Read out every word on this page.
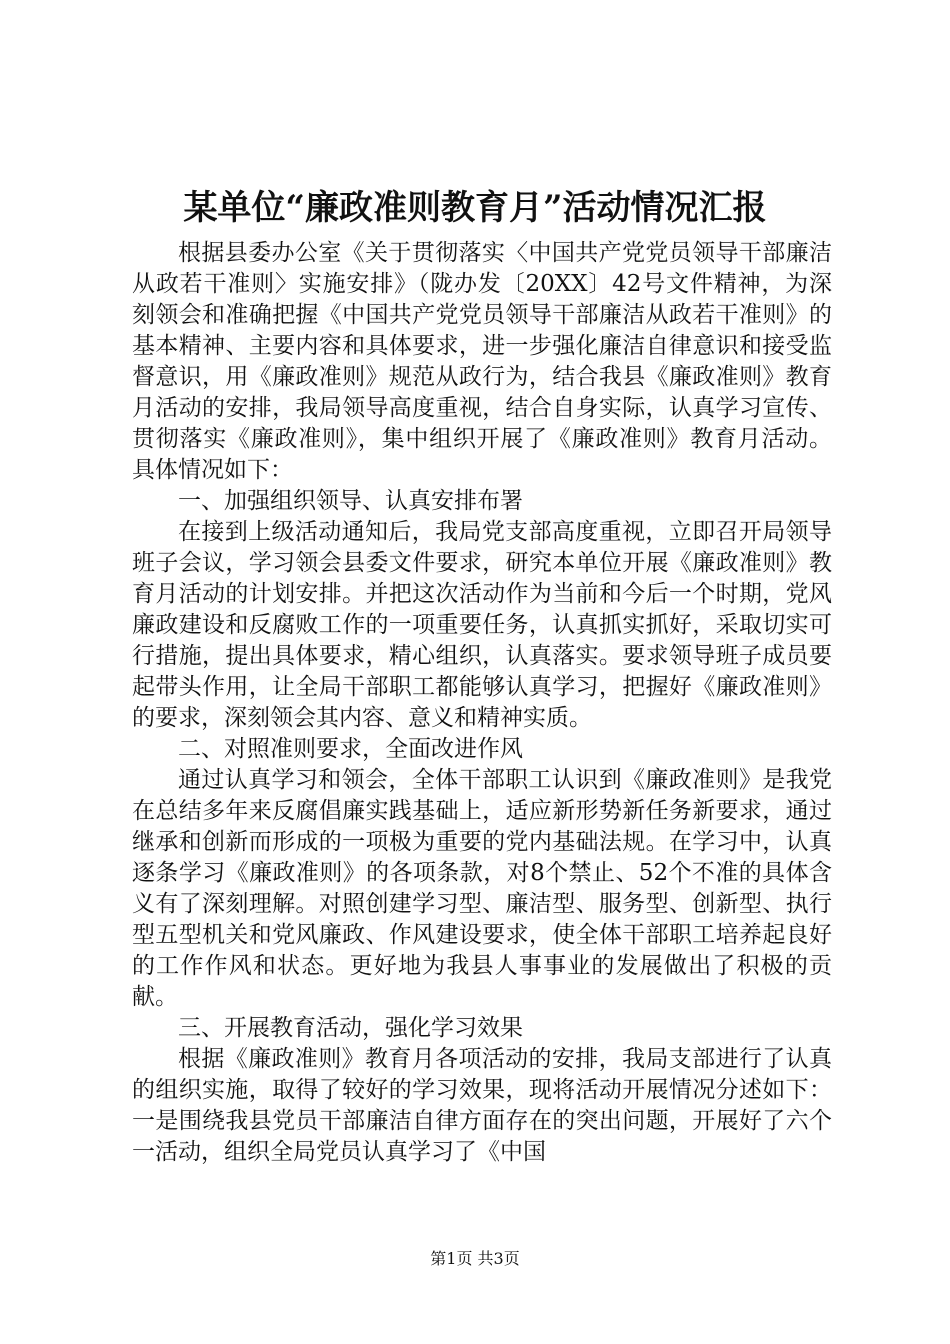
某单位“廉政准则教育月”活动情况汇报

根据县委办公室《关于贯彻落实〈中国共产党党员领导干部廉洁从政若干准则〉实施安排》（陇办发〔20XX〕42号文件精神，为深刻领会和准确把握《中国共产党党员领导干部廉洁从政若干准则》的基本精神、主要内容和具体要求，进一步强化廉洁自律意识和接受监督意识，用《廉政准则》规范从政行为，结合我县《廉政准则》教育月活动的安排，我局领导高度重视，结合自身实际，认真学习宣传、贯彻落实《廉政准则》，集中组织开展了《廉政准则》教育月活动。具体情况如下：

一、加强组织领导、认真安排布署

在接到上级活动通知后，我局党支部高度重视，立即召开局领导班子会议，学习领会县委文件要求，研究本单位开展《廉政准则》教育月活动的计划安排。并把这次活动作为当前和今后一个时期，党风廉政建设和反腐败工作的一项重要任务，认真抓实抓好，采取切实可行措施，提出具体要求，精心组织，认真落实。要求领导班子成员要起带头作用，让全局干部职工都能够认真学习，把握好《廉政准则》的要求，深刻领会其内容、意义和精神实质。

二、对照准则要求，全面改进作风

通过认真学习和领会，全体干部职工认识到《廉政准则》是我党在总结多年来反腐倡廉实践基础上，适应新形势新任务新要求，通过继承和创新而形成的一项极为重要的党内基础法规。在学习中，认真逐条学习《廉政准则》的各项条款，对8个禁止、52个不准的具体含义有了深刻理解。对照创建学习型、廉洁型、服务型、创新型、执行型五型机关和党风廉政、作风建设要求，使全体干部职工培养起良好的工作作风和状态。更好地为我县人事事业的发展做出了积极的贡献。

三、开展教育活动，强化学习效果

根据《廉政准则》教育月各项活动的安排，我局支部进行了认真的组织实施，取得了较好的学习效果，现将活动开展情况分述如下：一是围绕我县党员干部廉洁自律方面存在的突出问题，开展好了六个一活动，组织全局党员认真学习了《中国

第1页 共3页
